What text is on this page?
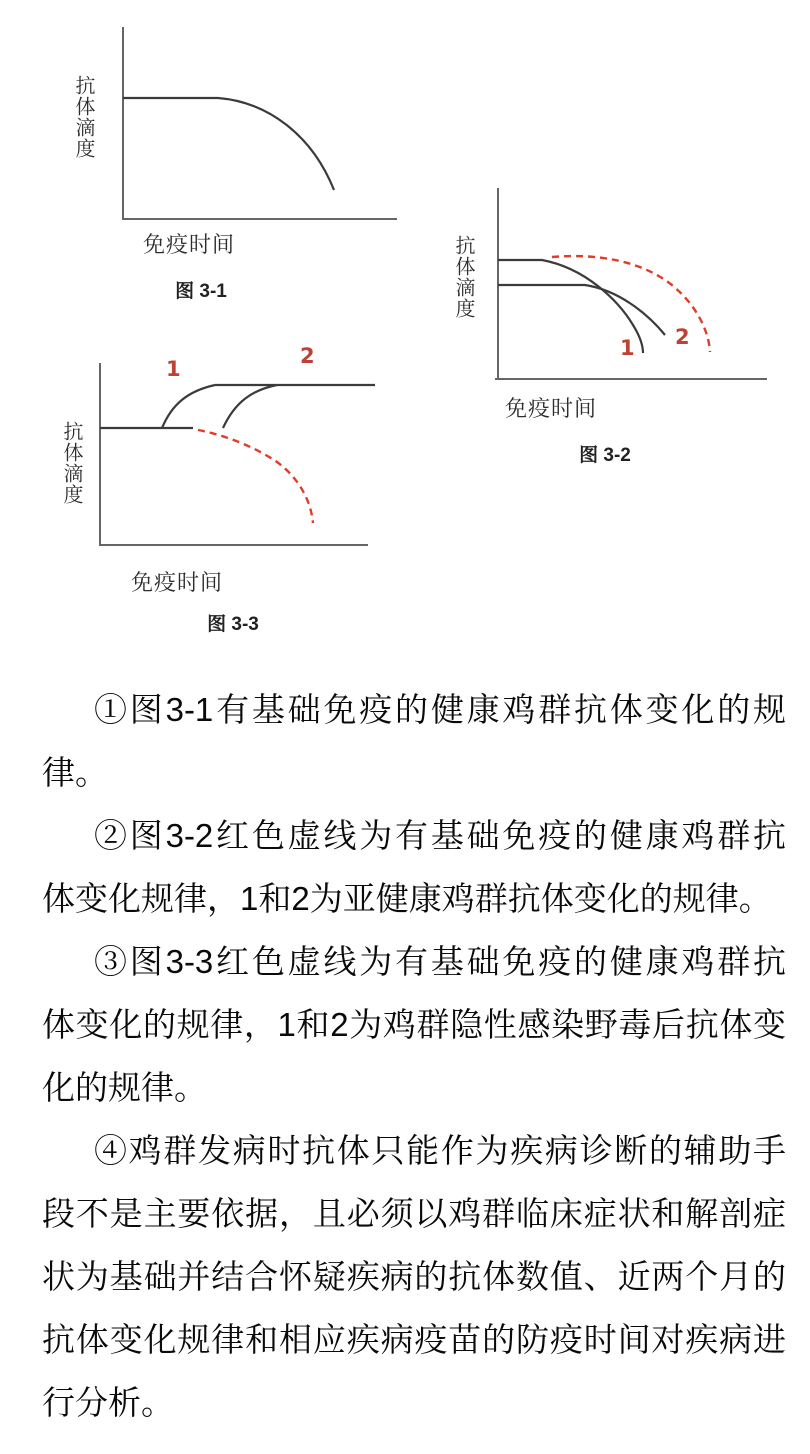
抗体滴度
免疫时间
图 3-1	抗体滴度
免疫时间
图 3-2
1 2
抗体滴度
免疫时间
图 3-3
1
2
①图3-1有基础免疫的健康鸡群抗体变化的规
律。
②图3-2红色虚线为有基础免疫的健康鸡群抗
体变化规律，1和2为亚健康鸡群抗体变化的规律。
③图3-3红色虚线为有基础免疫的健康鸡群抗
体变化的规律，1和2为鸡群隐性感染野毒后抗体变
化的规律。
④鸡群发病时抗体只能作为疾病诊断的辅助手
段不是主要依据，且必须以鸡群临床症状和解剖症
状为基础并结合怀疑疾病的抗体数值、近两个月的
抗体变化规律和相应疾病疫苗的防疫时间对疾病进
行分析。
